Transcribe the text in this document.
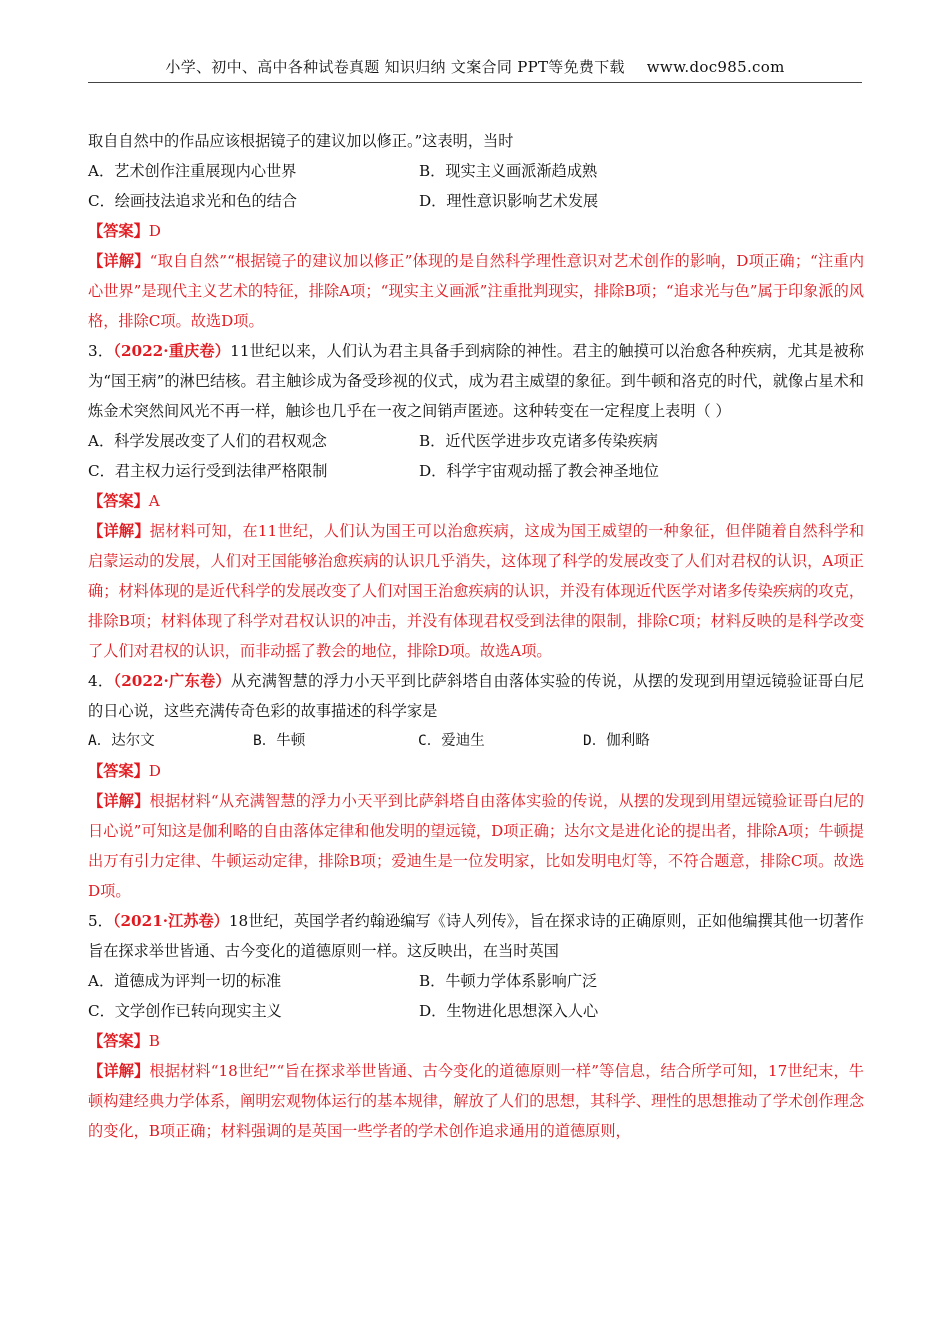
小学、初中、高中各种试卷真题 知识归纳 文案合同 PPT等免费下载 www.doc985.com
取自自然中的作品应该根据镜子的建议加以修正。”这表明，当时
A．艺术创作注重展现内心世界	B．现实主义画派渐趋成熟
C．绘画技法追求光和色的结合	D．理性意识影响艺术发展
【答案】D
【详解】“取自自然”“根据镜子的建议加以修正”体现的是自然科学理性意识对艺术创作的影响，D项正确；“注重内心世界”是现代主义艺术的特征，排除A项；“现实主义画派”注重批判现实，排除B项；“追求光与色”属于印象派的风格，排除C项。故选D项。
3．（2022·重庆卷）11世纪以来，人们认为君主具备手到病除的神性。君主的触摸可以治愈各种疾病，尤其是被称为“国王病”的淋巴结核。君主触诊成为备受珍视的仪式，成为君主威望的象征。到牛顿和洛克的时代，就像占星术和炼金术突然间风光不再一样，触诊也几乎在一夜之间销声匿迹。这种转变在一定程度上表明（ ）
A．科学发展改变了人们的君权观念	B．近代医学进步攻克诸多传染疾病
C．君主权力运行受到法律严格限制	D．科学宇宙观动摇了教会神圣地位
【答案】A
【详解】据材料可知，在11世纪，人们认为国王可以治愈疾病，这成为国王威望的一种象征，但伴随着自然科学和启蒙运动的发展，人们对王国能够治愈疾病的认识几乎消失，这体现了科学的发展改变了人们对君权的认识，A项正确；材料体现的是近代科学的发展改变了人们对国王治愈疾病的认识，并没有体现近代医学对诸多传染疾病的攻克，排除B项；材料体现了科学对君权认识的冲击，并没有体现君权受到法律的限制，排除C项；材料反映的是科学改变了人们对君权的认识，而非动摇了教会的地位，排除D项。故选A项。
4．（2022·广东卷）从充满智慧的浮力小天平到比萨斜塔自由落体实验的传说，从摆的发现到用望远镜验证哥白尼的日心说，这些充满传奇色彩的故事描述的科学家是
A．达尔文	B．牛顿	C．爱迪生	D．伽利略
【答案】D
【详解】根据材料“从充满智慧的浮力小天平到比萨斜塔自由落体实验的传说，从摆的发现到用望远镜验证哥白尼的日心说”可知这是伽利略的自由落体定律和他发明的望远镜，D项正确；达尔文是进化论的提出者，排除A项；牛顿提出万有引力定律、牛顿运动定律，排除B项；爱迪生是一位发明家，比如发明电灯等，不符合题意，排除C项。故选D项。
5．（2021·江苏卷）18世纪，英国学者约翰逊编写《诗人列传》，旨在探求诗的正确原则，正如他编撰其他一切著作旨在探求举世皆通、古今变化的道德原则一样。这反映出，在当时英国
A．道德成为评判一切的标准	B．牛顿力学体系影响广泛
C．文学创作已转向现实主义	D．生物进化思想深入人心
【答案】B
【详解】根据材料“18世纪”“旨在探求举世皆通、古今变化的道德原则一样”等信息，结合所学可知，17世纪末，牛顿构建经典力学体系，阐明宏观物体运行的基本规律，解放了人们的思想，其科学、理性的思想推动了学术创作理念的变化，B项正确；材料强调的是英国一些学者的学术创作追求通用的道德原则，
